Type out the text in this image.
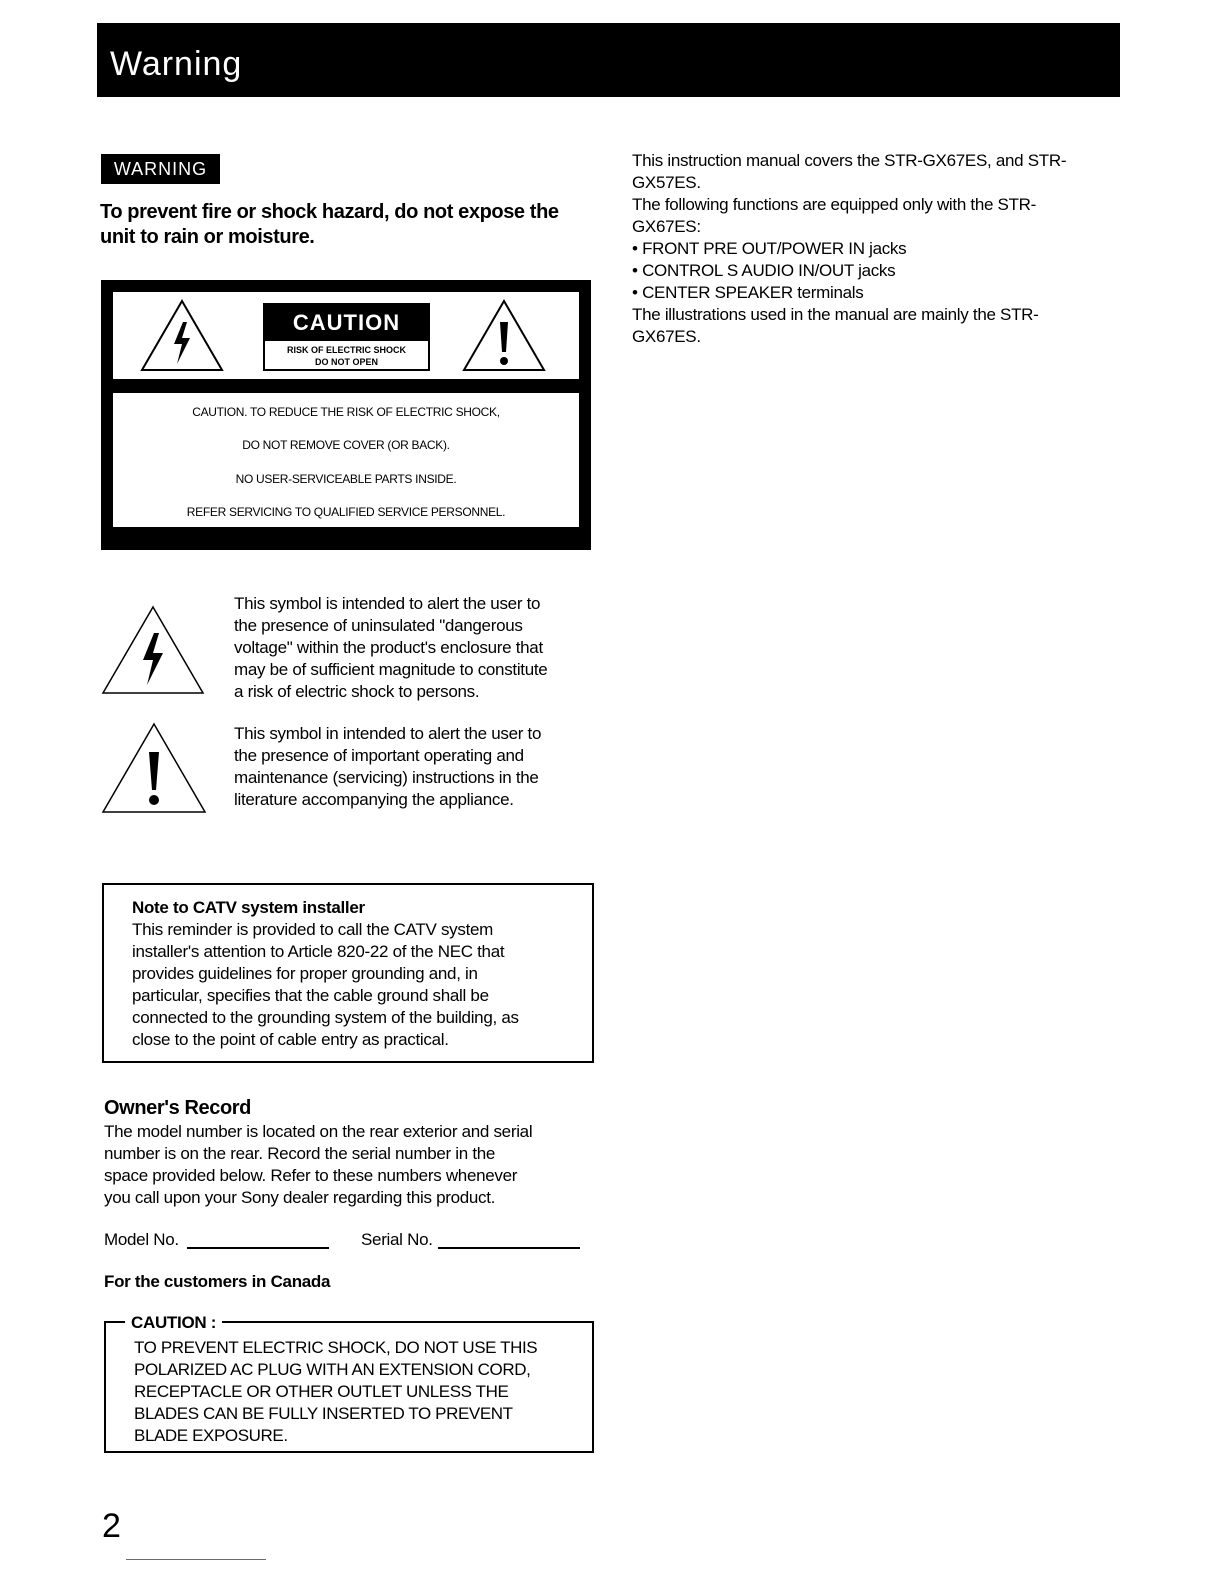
Warning
WARNING
To prevent fire or shock hazard, do not expose the
unit to rain or moisture.
CAUTION
RISK OF ELECTRIC SHOCK
DO NOT OPEN
CAUTION. TO REDUCE THE RISK OF ELECTRIC SHOCK,
DO NOT REMOVE COVER (OR BACK).
NO USER-SERVICEABLE PARTS INSIDE.
REFER SERVICING TO QUALIFIED SERVICE PERSONNEL.
This symbol is intended to alert the user to
the presence of uninsulated "dangerous
voltage" within the product's enclosure that
may be of sufficient magnitude to constitute
a risk of electric shock to persons.
This symbol in intended to alert the user to
the presence of important operating and
maintenance (servicing) instructions in the
literature accompanying the appliance.
Note to CATV system installer
This reminder is provided to call the CATV system
installer's attention to Article 820-22 of the NEC that
provides guidelines for proper grounding and, in
particular, specifies that the cable ground shall be
connected to the grounding system of the building, as
close to the point of cable entry as practical.
Owner's Record
The model number is located on the rear exterior and serial
number is on the rear. Record the serial number in the
space provided below. Refer to these numbers whenever
you call upon your Sony dealer regarding this product.
Model No.	Serial No.
For the customers in Canada
CAUTION :
TO PREVENT ELECTRIC SHOCK, DO NOT USE THIS
POLARIZED AC PLUG WITH AN EXTENSION CORD,
RECEPTACLE OR OTHER OUTLET UNLESS THE
BLADES CAN BE FULLY INSERTED TO PREVENT
BLADE EXPOSURE.
This instruction manual covers the STR-GX67ES, and STR-
GX57ES.
The following functions are equipped only with the STR-
GX67ES:
• FRONT PRE OUT/POWER IN jacks
• CONTROL S AUDIO IN/OUT jacks
• CENTER SPEAKER terminals
The illustrations used in the manual are mainly the STR-
GX67ES.
2
